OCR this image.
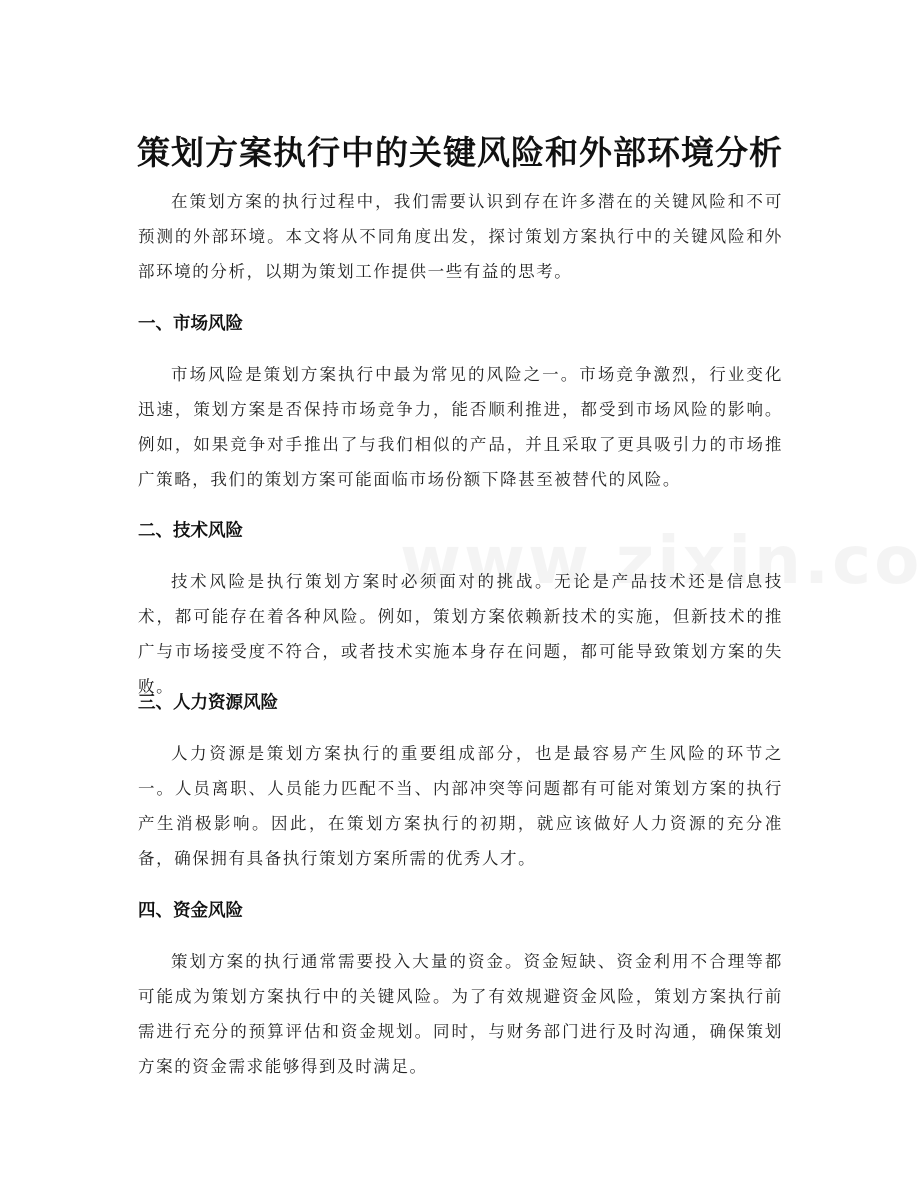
策划方案执行中的关键风险和外部环境分析

在策划方案的执行过程中，我们需要认识到存在许多潜在的关键风险和不可预测的外部环境。本文将从不同角度出发，探讨策划方案执行中的关键风险和外部环境的分析，以期为策划工作提供一些有益的思考。

一、市场风险

市场风险是策划方案执行中最为常见的风险之一。市场竞争激烈，行业变化迅速，策划方案是否保持市场竞争力，能否顺利推进，都受到市场风险的影响。例如，如果竞争对手推出了与我们相似的产品，并且采取了更具吸引力的市场推广策略，我们的策划方案可能面临市场份额下降甚至被替代的风险。

二、技术风险

技术风险是执行策划方案时必须面对的挑战。无论是产品技术还是信息技术，都可能存在着各种风险。例如，策划方案依赖新技术的实施，但新技术的推广与市场接受度不符合，或者技术实施本身存在问题，都可能导致策划方案的失败。

三、人力资源风险

人力资源是策划方案执行的重要组成部分，也是最容易产生风险的环节之一。人员离职、人员能力匹配不当、内部冲突等问题都有可能对策划方案的执行产生消极影响。因此，在策划方案执行的初期，就应该做好人力资源的充分准备，确保拥有具备执行策划方案所需的优秀人才。

四、资金风险

策划方案的执行通常需要投入大量的资金。资金短缺、资金利用不合理等都可能成为策划方案执行中的关键风险。为了有效规避资金风险，策划方案执行前需进行充分的预算评估和资金规划。同时，与财务部门进行及时沟通，确保策划方案的资金需求能够得到及时满足。
